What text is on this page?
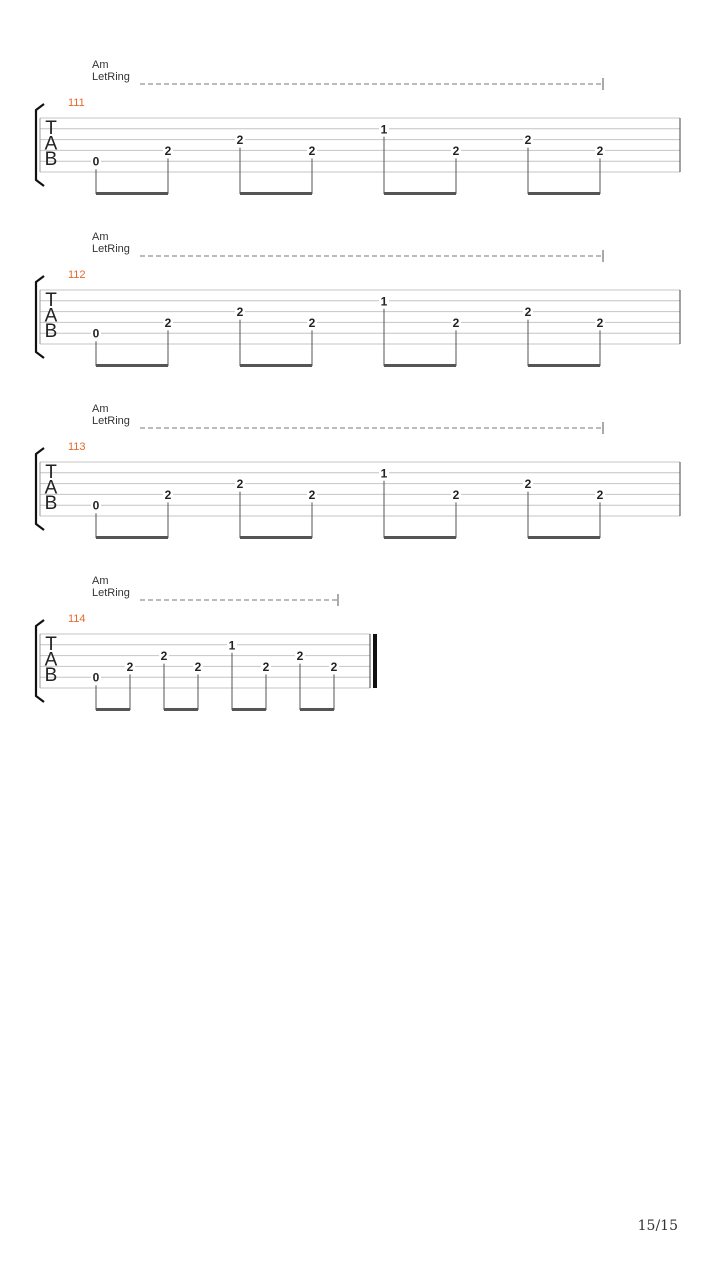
Am
LetRing
111
T
A
B	0
2
2
2
1
2
2
2
Am
LetRing
112
T
A
B	0
2
2
2
1
2
2
2
Am
LetRing
113
T
A
B	0
2
2
2
1
2
2
2
Am
LetRing
114
T
A
B	0
2
2
2
1
2
2
2
15/15
